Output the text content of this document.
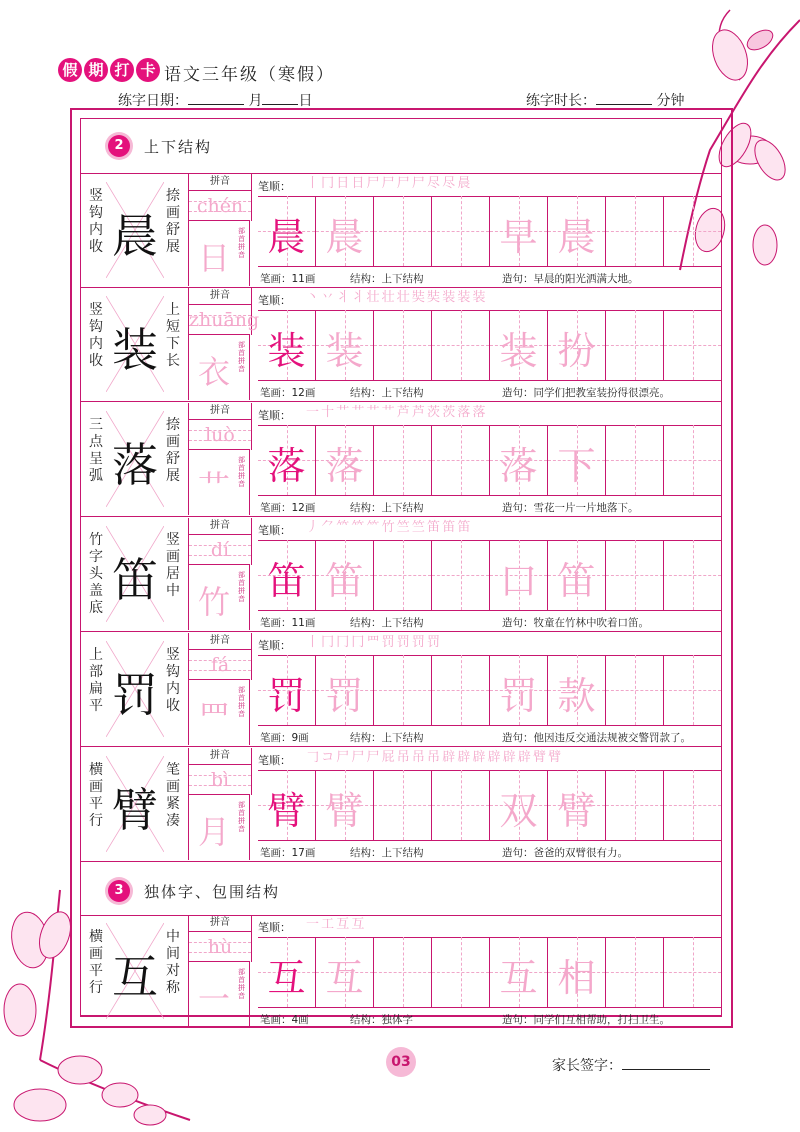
假 期 打 卡 语文三年级（寒假）
练字日期：	月	日	练字时长：	分钟
2	上下结构
3	独体字、包围结构
竖钩内收 晨
捺画舒展
拼音
chén
日
部首拼音
笔顺： 丨 冂 日 日 尸 尸 尸 尸 尽 尽 晨
晨 晨	早 晨
笔画：11画	结构：上下结构	造句：早晨的阳光洒满大地。
竖钩内收 装
上短下长
拼音
zhuāng
衣
部首拼音
笔顺： 丶 丷 丬 丬 壮 壮 壮 奘 奘 装 装 装
装 装	装 扮
笔画：12画	结构：上下结构	造句：同学们把教室装扮得很漂亮。
三点呈弧 落
捺画舒展
拼音
luò
艹
部首拼音
笔顺： 一 十 艹 艹 艹 艹 芦 芦 茨 茨 落 落
落 落	落 下
笔画：12画	结构：上下结构	造句：雪花一片一片地落下。
竹字头盖底
笛
竖画居中
拼音
dí
竹
部首拼音
笔顺： 丿 ⺈ 𥫗 𥫗 ⺮ 竹 竺 竺 笛 笛 笛
笛 笛	口 笛
笔画：11画	结构：上下结构	造句：牧童在竹林中吹着口笛。
上部扁平 罚
竖钩内收
拼音
fá
罒
部首拼音
笔顺： 丨 冂 冂 冂 罒 罚 罚 罚 罚
罚 罚	罚 款
笔画：9画	结构：上下结构	造句：他因违反交通法规被交警罚款了。
横画平行 臂
笔画紧凑
拼音
bì
月
部首拼音
笔顺： 𠃌 コ 尸 尸 尸 屁 吊 吊 吊 辟 辟 辟 辟 辟 辟 臂 臂
臂 臂	双 臂
笔画：17画	结构：上下结构	造句：爸爸的双臂很有力。
横画平行 互
中间对称
拼音
hù
一
部首拼音
笔顺： 一 工 互 互
互 互	互 相
笔画：4画	结构：独体字	造句：同学们互相帮助，打扫卫生。
03	家长签字：
